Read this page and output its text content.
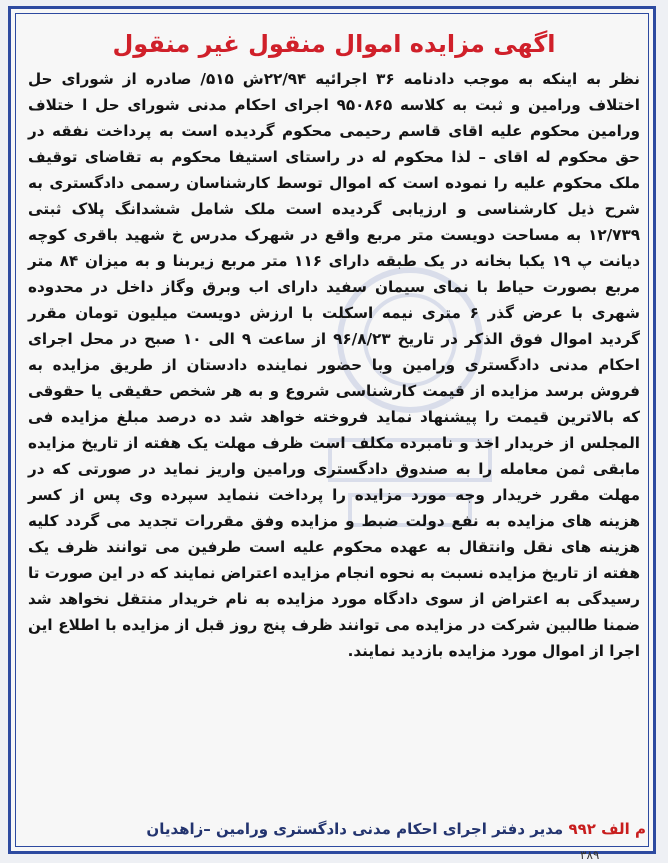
اگهی مزایده اموال منقول غیر منقول
نظر به اینکه به موجب دادنامه ۳۶ اجرائیه ۲۲/۹۴ش ۵۱۵/ صادره از شورای حل اختلاف ورامین و ثبت به کلاسه ۹۵۰۸۶۵ اجرای احکام مدنی شورای حل ا ختلاف ورامین محکوم علیه اقای قاسم رحیمی محکوم گردیده است به پرداخت نفقه در حق محکوم له اقای – لذا محکوم له در راستای استیفا محکوم به تقاضای توقیف ملک محکوم علیه را نموده است که اموال توسط کارشناسان رسمی دادگستری به شرح ذیل کارشناسی و ارزیابی گردیده است ملک شامل ششدانگ پلاک ثبتی ۱۲/۷۳۹ به مساحت دویست متر مربع واقع در شهرک مدرس خ شهید باقری کوچه دیانت پ ۱۹ یکبا بخانه در یک طبقه دارای ۱۱۶ متر مربع زیربنا و به میزان ۸۴ متر مربع بصورت حیاط با نمای سیمان سفید دارای اب وبرق وگاز داخل در محدوده شهری با عرض گذر ۶ متری نیمه اسکلت با ارزش دویست میلیون تومان مقرر گردید اموال فوق الذکر در تاریخ ۹۶/۸/۲۳ از ساعت ۹ الی ۱۰ صبح در محل اجرای احکام مدنی دادگستری ورامین وبا حضور نماینده دادستان از طریق مزایده به فروش برسد مزایده از قیمت کارشناسی شروع و به هر شخص حقیقی یا حقوقی که بالاترین قیمت را پیشنهاد نماید فروخته خواهد شد ده درصد مبلغ مزایده فی المجلس از خریدار اخذ و نامبرده مکلف است ظرف مهلت یک هفته از تاریخ مزایده مابقی ثمن معامله را به صندوق دادگستری ورامین واریز نماید در صورتی که در مهلت مقرر خریدار وجه مورد مزایده را پرداخت ننماید سپرده وی پس از کسر هزینه های مزایده به نفع دولت ضبط و مزایده وفق مقررات تجدید می گردد کلیه هزینه های نقل وانتقال به عهده محکوم علیه است طرفین می توانند ظرف یک هفته از تاریخ مزایده نسبت به نحوه انجام مزایده اعتراض نمایند که در این صورت تا رسیدگی به اعتراض از سوی دادگاه مورد مزایده به نام خریدار منتقل نخواهد شد ضمنا طالبین شرکت در مزایده می توانند ظرف پنج روز قبل از مزایده با اطلاع این اجرا از اموال مورد مزایده بازدید نمایند.
م الف ۹۹۲ مدیر دفتر اجرای احکام مدنی دادگستری ورامین –زاهدیان
۳۸۹
